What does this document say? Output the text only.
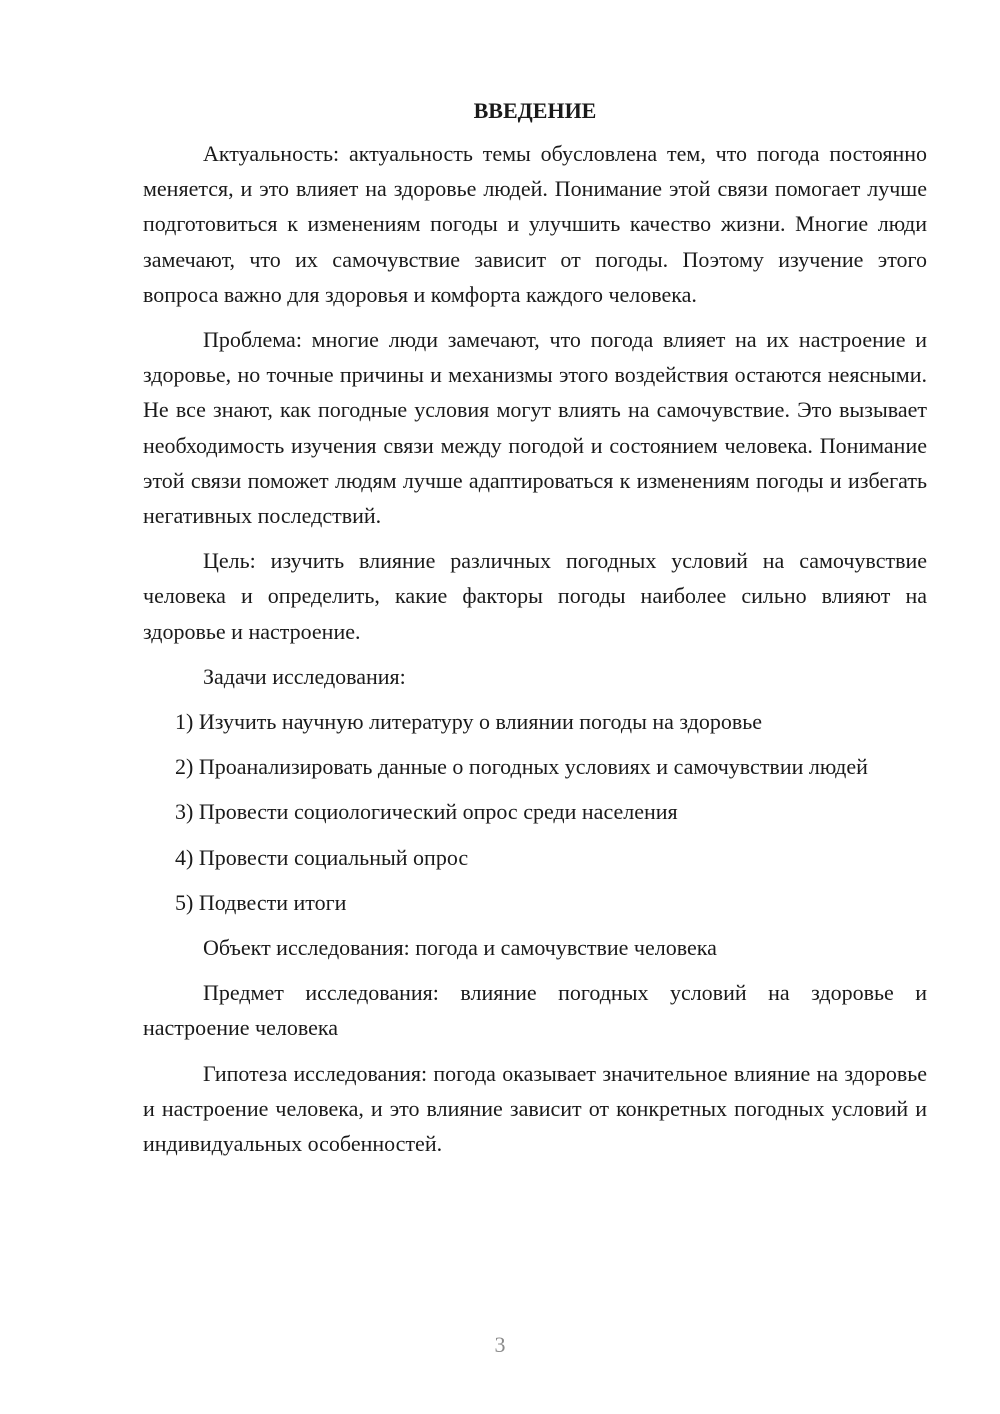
ВВЕДЕНИЕ

Актуальность: актуальность темы обусловлена тем, что погода постоянно меняется, и это влияет на здоровье людей. Понимание этой связи помогает лучше подготовиться к изменениям погоды и улучшить качество жизни. Многие люди замечают, что их самочувствие зависит от погоды. Поэтому изучение этого вопроса важно для здоровья и комфорта каждого человека.

Проблема: многие люди замечают, что погода влияет на их настроение и здоровье, но точные причины и механизмы этого воздействия остаются неясными. Не все знают, как погодные условия могут влиять на самочувствие. Это вызывает необходимость изучения связи между погодой и состоянием человека. Понимание этой связи поможет людям лучше адаптироваться к изменениям погоды и избегать негативных последствий.

Цель: изучить влияние различных погодных условий на самочувствие человека и определить, какие факторы погоды наиболее сильно влияют на здоровье и настроение.

Задачи исследования:

1) Изучить научную литературу о влиянии погоды на здоровье

2) Проанализировать данные о погодных условиях и самочувствии людей

3) Провести социологический опрос среди населения

4) Провести социальный опрос

5) Подвести итоги

Объект исследования: погода и самочувствие человека

Предмет исследования: влияние погодных условий на здоровье и настроение человека

Гипотеза исследования: погода оказывает значительное влияние на здоровье и настроение человека, и это влияние зависит от конкретных погодных условий и индивидуальных особенностей.

3
